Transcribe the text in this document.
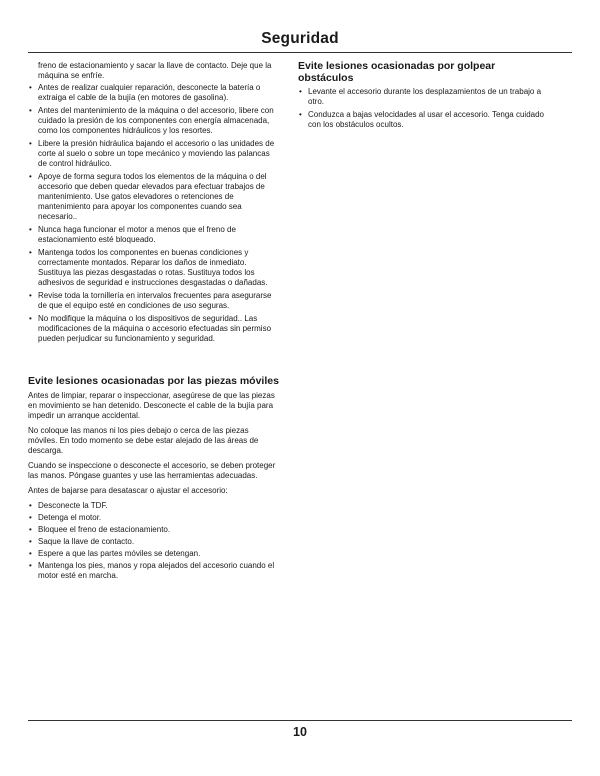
Seguridad
freno de estacionamiento y sacar la llave de contacto. Deje que la máquina se enfríe.
• Antes de realizar cualquier reparación, desconecte la batería o extraiga el cable de la bujía (en motores de gasolina).
• Antes del mantenimiento de la máquina o del accesorio, libere con cuidado la presión de los componentes con energía almacenada, como los componentes hidráulicos y los resortes.
• Libere la presión hidráulica bajando el accesorio o las unidades de corte al suelo o sobre un tope mecánico y moviendo las palancas de control hidráulico.
• Apoye de forma segura todos los elementos de la máquina o del accesorio que deben quedar elevados para efectuar trabajos de mantenimiento. Use gatos elevadores o retenciones de mantenimiento para apoyar los componentes cuando sea necesario..
• Nunca haga funcionar el motor a menos que el freno de estacionamiento esté bloqueado.
• Mantenga todos los componentes en buenas condiciones y correctamente montados. Reparar los daños de inmediato. Sustituya las piezas desgastadas o rotas. Sustituya todos los adhesivos de seguridad e instrucciones desgastadas o dañadas.
• Revise toda la tornillería en intervalos frecuentes para asegurarse de que el equipo esté en condiciones de uso seguras.
• No modifique la máquina o los dispositivos de seguridad.. Las modificaciones de la máquina o accesorio efectuadas sin permiso pueden perjudicar su funcionamiento y seguridad.
Evite lesiones ocasionadas por las piezas móviles

Antes de limpiar, reparar o inspeccionar, asegúrese de que las piezas en movimiento se han detenido. Desconecte el cable de la bujía para impedir un arranque accidental.

No coloque las manos ni los pies debajo o cerca de las piezas móviles. En todo momento se debe estar alejado de las áreas de descarga.

Cuando se inspeccione o desconecte el accesorio, se deben proteger las manos. Póngase guantes y use las herramientas adecuadas.

Antes de bajarse para desatascar o ajustar el accesorio:

• Desconecte la TDF.
• Detenga el motor.
• Bloquee el freno de estacionamiento.
• Saque la llave de contacto.
• Espere a que las partes móviles se detengan.
• Mantenga los pies, manos y ropa alejados del accesorio cuando el motor esté en marcha.
Evite lesiones ocasionadas por golpear obstáculos
• Levante el accesorio durante los desplazamientos de un trabajo a otro.
• Conduzca a bajas velocidades al usar el accesorio. Tenga cuidado con los obstáculos ocultos.
10
